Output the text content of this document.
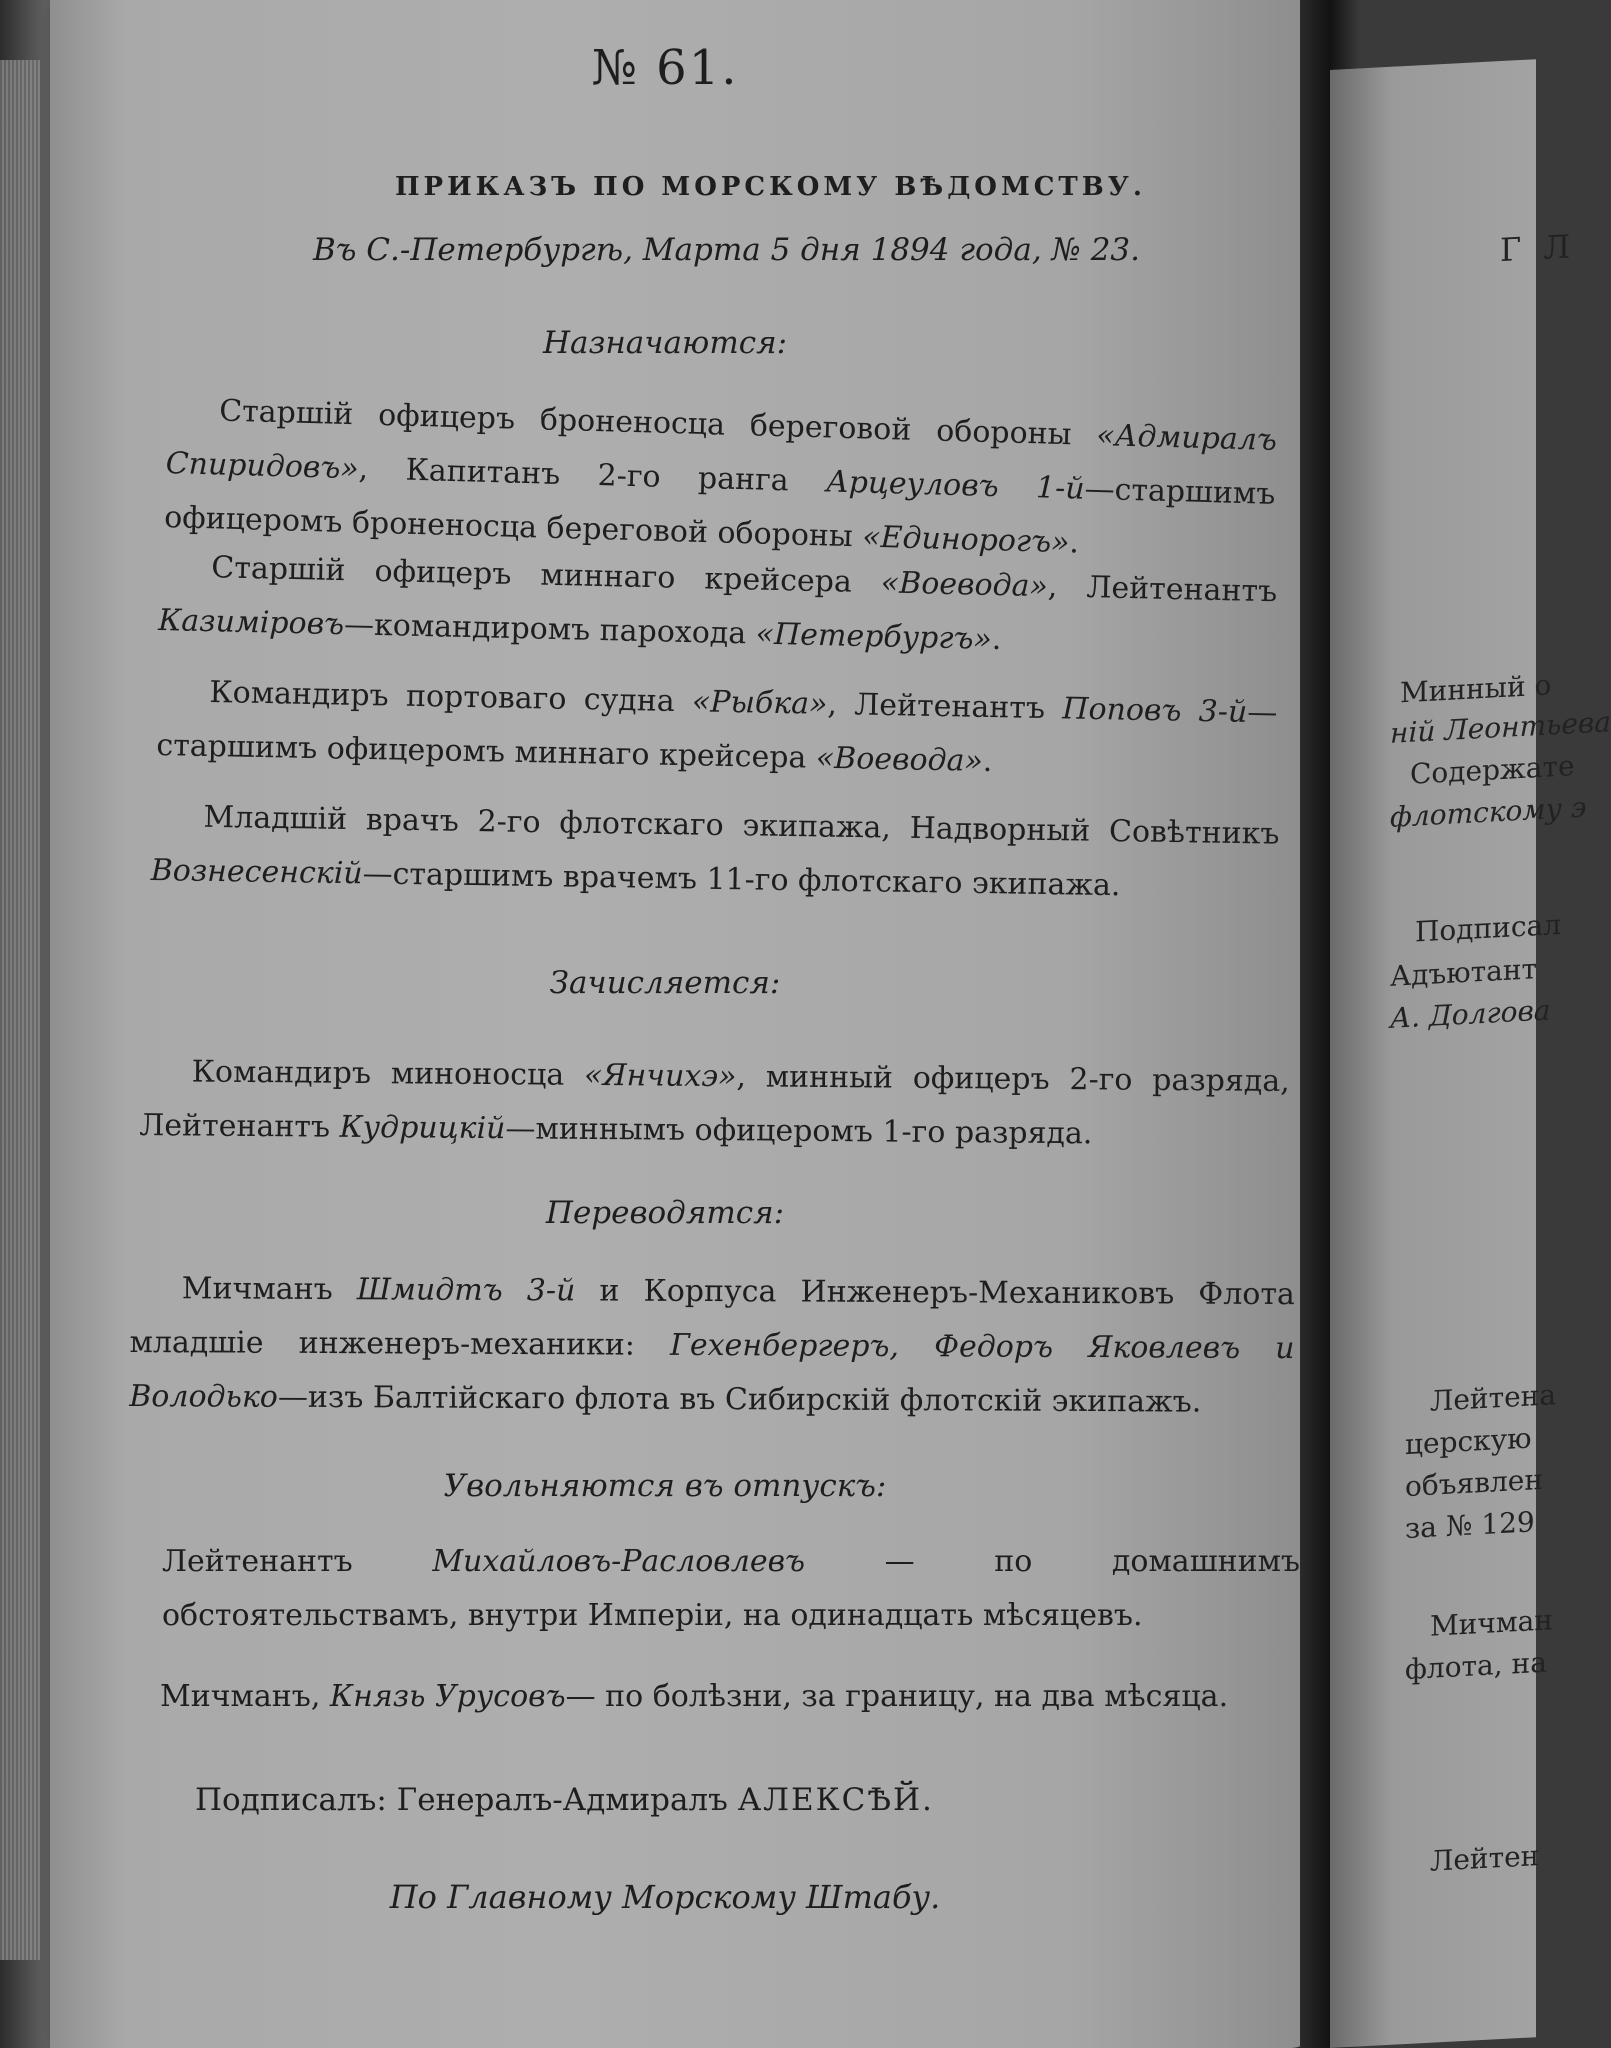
Г Л
Минный о
ній Леонтьева
Содержате
флотскому э
Подписал
Адъютант
А. Долгова
Лейтена
церскую
объявлен
за № 129
Мичман
флота, на
Лейтен
№ 61.
ПРИКАЗЪ ПО МОРСКОМУ ВѢДОМСТВУ.
Въ С.-Петербургѣ, Марта 5 дня 1894 года, № 23.
Назначаются:
Старшій офицеръ броненосца береговой обороны «Адмиралъ Спиридовъ», Капитанъ 2-го ранга Арцеуловъ 1-й—старшимъ офицеромъ броненосца береговой обороны «Единорогъ».
Старшій офицеръ миннаго крейсера «Воевода», Лейтенантъ Казиміровъ—командиромъ парохода «Петербургъ».
Командиръ портоваго судна «Рыбка», Лейтенантъ Поповъ 3-й—старшимъ офицеромъ миннаго крейсера «Воевода».
Младшій врачъ 2-го флотскаго экипажа, Надворный Совѣтникъ Вознесенскій—старшимъ врачемъ 11-го флотскаго экипажа.
Зачисляется:
Командиръ миноносца «Янчихэ», минный офицеръ 2-го разряда, Лейтенантъ Кудрицкій—миннымъ офицеромъ 1-го разряда.
Переводятся:
Мичманъ Шмидтъ 3-й и Корпуса Инженеръ-Механиковъ Флота младшіе инженеръ-механики: Гехенбергеръ, Федоръ Яковлевъ и Володько—изъ Балтійскаго флота въ Сибирскій флотскій экипажъ.
Увольняются въ отпускъ:
Лейтенантъ Михайловъ-Расловлевъ — по домашнимъ обстоятельствамъ, внутри Имперіи, на одинадцать мѣсяцевъ.
Мичманъ, Князь Урусовъ— по болѣзни, за границу, на два мѣсяца.
Подписалъ: Генералъ-Адмиралъ АЛЕКСѢЙ.
По Главному Морскому Штабу.
